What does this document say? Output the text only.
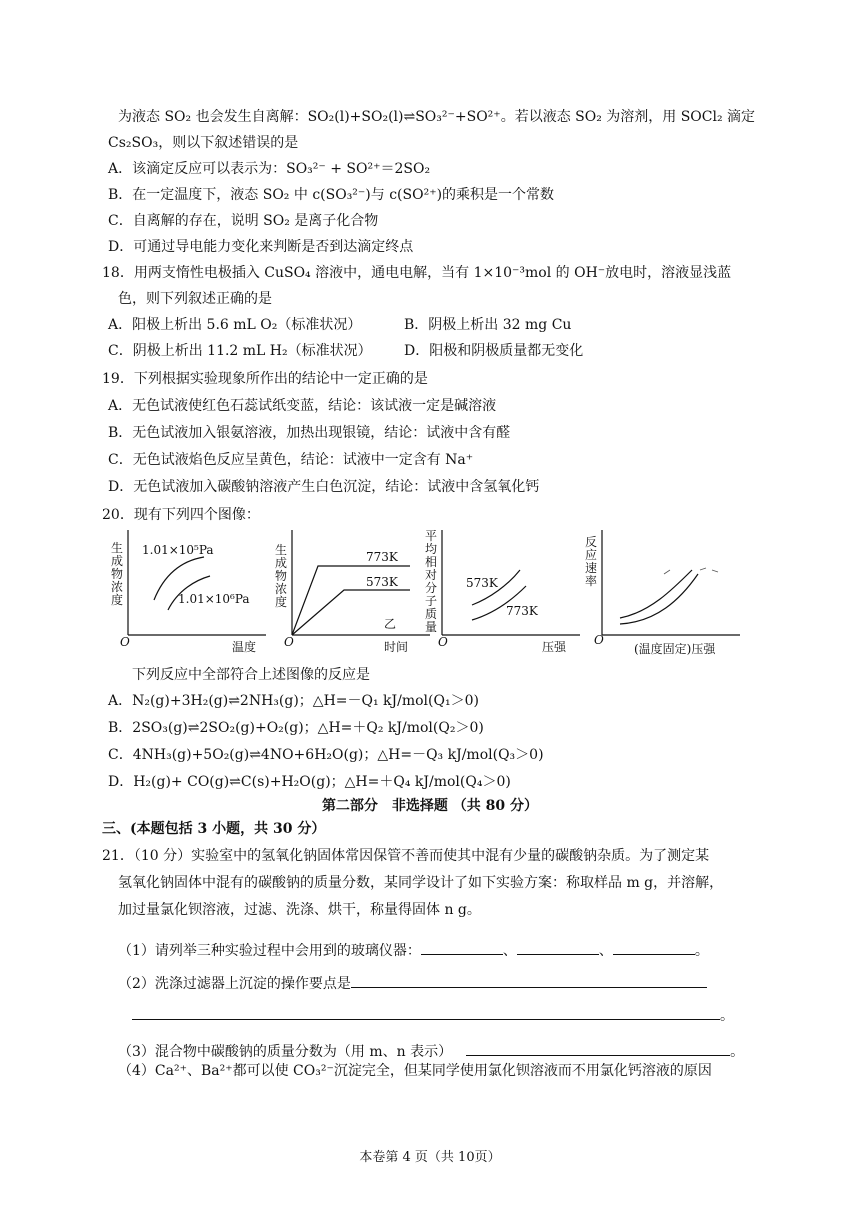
为液态 SO₂ 也会发生自离解：SO₂(l)+SO₂(l)⇌SO₃²⁻+SO²⁺。若以液态 SO₂ 为溶剂，用 SOCl₂ 滴定
Cs₂SO₃，则以下叙述错误的是
A．该滴定反应可以表示为：SO₃²⁻ + SO²⁺＝2SO₂
B．在一定温度下，液态 SO₂ 中 c(SO₃²⁻)与 c(SO²⁺)的乘积是一个常数
C．自离解的存在，说明 SO₂ 是离子化合物
D．可通过导电能力变化来判断是否到达滴定终点
18．用两支惰性电极插入 CuSO₄ 溶液中，通电电解，当有 1×10⁻³mol 的 OH⁻放电时，溶液显浅蓝
色，则下列叙述正确的是
A．阳极上析出 5.6 mL O₂（标准状况）	B．阴极上析出 32 mg Cu
C．阴极上析出 11.2 mL H₂（标准状况） D．阳极和阴极质量都无变化
19．下列根据实验现象所作出的结论中一定正确的是
A．无色试液使红色石蕊试纸变蓝，结论：该试液一定是碱溶液
B．无色试液加入银氨溶液，加热出现银镜，结论：试液中含有醛
C．无色试液焰色反应呈黄色，结论：试液中一定含有 Na⁺
D．无色试液加入碳酸钠溶液产生白色沉淀，结论：试液中含氢氧化钙
20．现有下列四个图像：
生成物浓度
1.01×10⁵Pa
1.01×10⁶Pa
O	温度
生成物浓度
773K
573K
乙
O	时间
平均相对分子质量
573K
773K
O	压强
反应速率
O
(温度固定)压强
下列反应中全部符合上述图像的反应是
A．N₂(g)+3H₂(g)⇌2NH₃(g)；△H=－Q₁ kJ/mol(Q₁＞0)
B．2SO₃(g)⇌2SO₂(g)+O₂(g)；△H=＋Q₂ kJ/mol(Q₂＞0)
C．4NH₃(g)+5O₂(g)⇌4NO+6H₂O(g)；△H=－Q₃ kJ/mol(Q₃＞0)
D．H₂(g)+ CO(g)⇌C(s)+H₂O(g)；△H=＋Q₄ kJ/mol(Q₄＞0)
第二部分　非选择题 （共 80 分）
三、(本题包括 3 小题，共 30 分）
21．（10 分）实验室中的氢氧化钠固体常因保管不善而使其中混有少量的碳酸钠杂质。为了测定某
氢氧化钠固体中混有的碳酸钠的质量分数，某同学设计了如下实验方案：称取样品 m g，并溶解，
加过量氯化钡溶液，过滤、洗涤、烘干，称量得固体 n g。
（1）请列举三种实验过程中会用到的玻璃仪器：	、	、	。
（2）洗涤过滤器上沉淀的操作要点是
。
（3）混合物中碳酸钠的质量分数为（用 m、n 表示）	。
（4）Ca²⁺、Ba²⁺都可以使 CO₃²⁻沉淀完全，但某同学使用氯化钡溶液而不用氯化钙溶液的原因
本卷第 4 页（共 10页）
